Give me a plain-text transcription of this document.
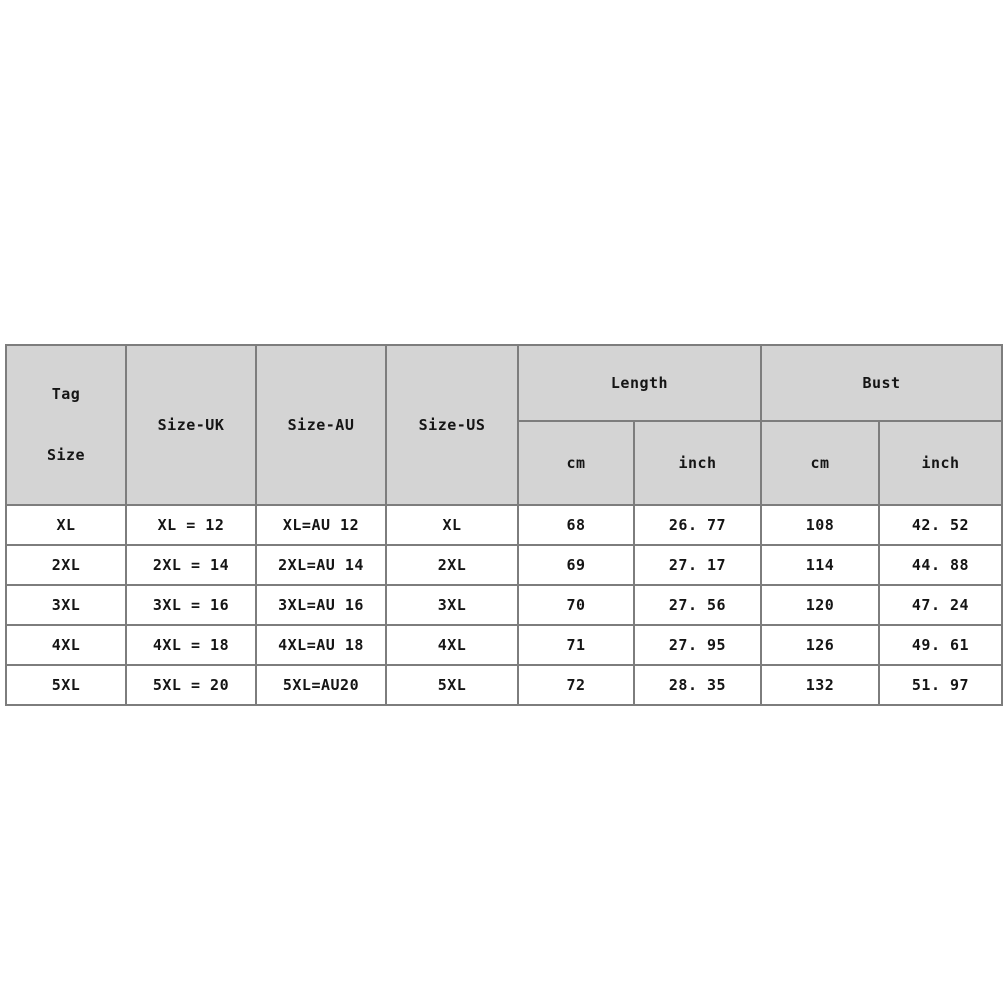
Tag

Size	Size-UK	Size-AU	Size-US	Length		Bust	
				cm	inch	cm	inch
XL	XL = 12	XL=AU 12	XL	68	26. 77	108	42. 52
2XL	2XL = 14	2XL=AU 14	2XL	69	27. 17	114	44. 88
3XL	3XL = 16	3XL=AU 16	3XL	70	27. 56	120	47. 24
4XL	4XL = 18	4XL=AU 18	4XL	71	27. 95	126	49. 61
5XL	5XL = 20	5XL=AU20	5XL	72	28. 35	132	51. 97
